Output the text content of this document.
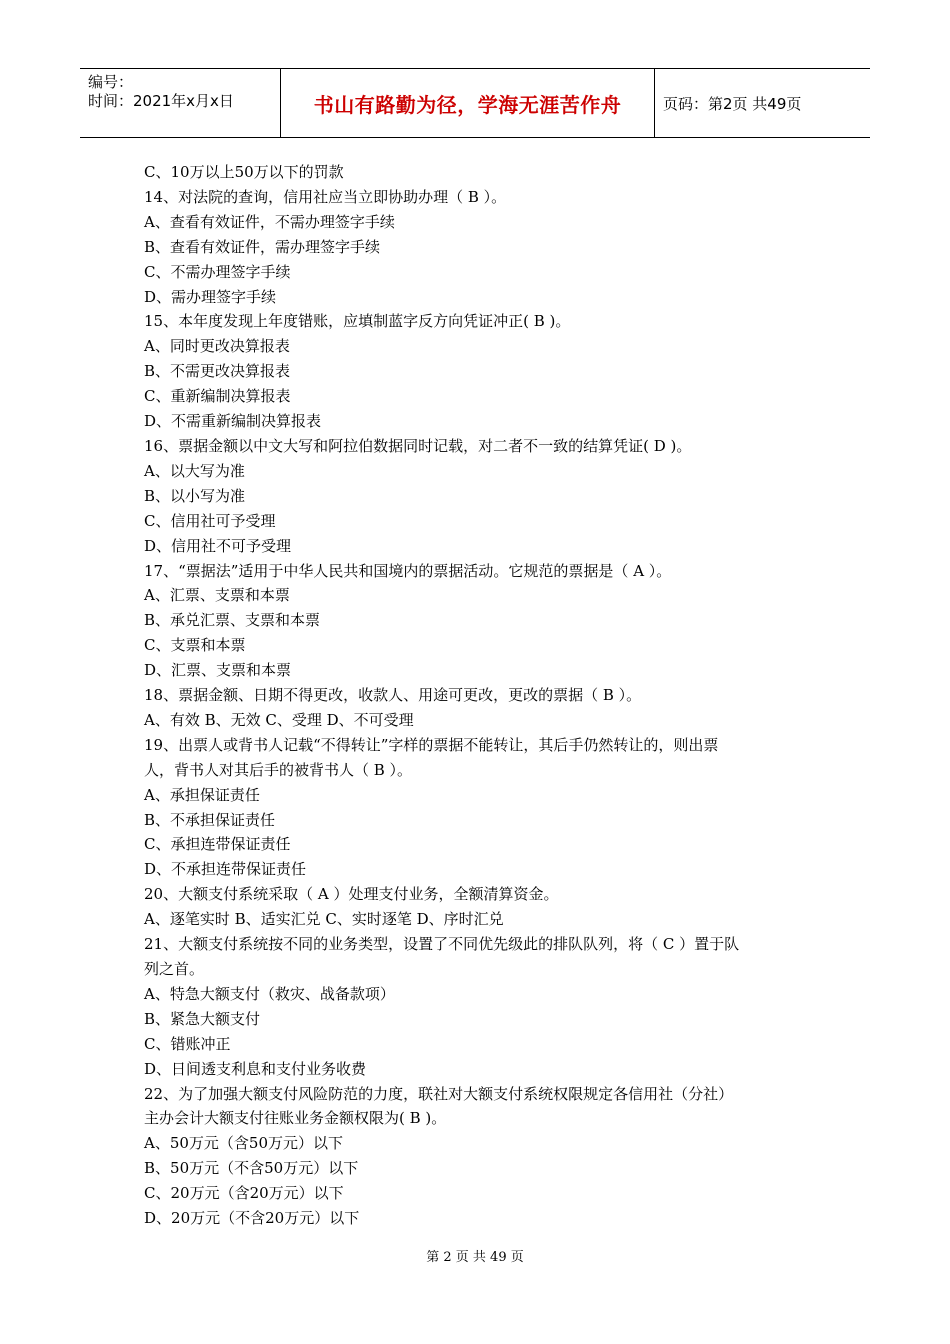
编号：
时间：2021年x月x日	书山有路勤为径，学海无涯苦作舟	页码：第2页 共49页
C、10万以上50万以下的罚款
14、对法院的查询，信用社应当立即协助办理（ B ）。
A、查看有效证件，不需办理签字手续
B、查看有效证件，需办理签字手续
C、不需办理签字手续
D、需办理签字手续
15、本年度发现上年度错账，应填制蓝字反方向凭证冲正( B )。
A、同时更改决算报表
B、不需更改决算报表
C、重新编制决算报表
D、不需重新编制决算报表
16、票据金额以中文大写和阿拉伯数据同时记载，对二者不一致的结算凭证( D )。
A、以大写为准
B、以小写为准
C、信用社可予受理
D、信用社不可予受理
17、“票据法”适用于中华人民共和国境内的票据活动。它规范的票据是（ A ）。
A、汇票、支票和本票
B、承兑汇票、支票和本票
C、支票和本票
D、汇票、支票和本票
18、票据金额、日期不得更改，收款人、用途可更改，更改的票据（ B ）。
A、有效 B、无效 C、受理 D、不可受理
19、出票人或背书人记载“不得转让”字样的票据不能转让，其后手仍然转让的，则出票
人，背书人对其后手的被背书人（ B ）。
A、承担保证责任
B、不承担保证责任
C、承担连带保证责任
D、不承担连带保证责任
20、大额支付系统采取（ A ）处理支付业务，全额清算资金。
A、逐笔实时 B、适实汇兑 C、实时逐笔 D、序时汇兑
21、大额支付系统按不同的业务类型，设置了不同优先级此的排队队列，将（ C ）置于队
列之首。
A、特急大额支付（救灾、战备款项）
B、紧急大额支付
C、错账冲正
D、日间透支利息和支付业务收费
22、为了加强大额支付风险防范的力度，联社对大额支付系统权限规定各信用社（分社）
主办会计大额支付往账业务金额权限为( B )。
A、50万元（含50万元）以下
B、50万元（不含50万元）以下
C、20万元（含20万元）以下
D、20万元（不含20万元）以下
第 2 页 共 49 页
